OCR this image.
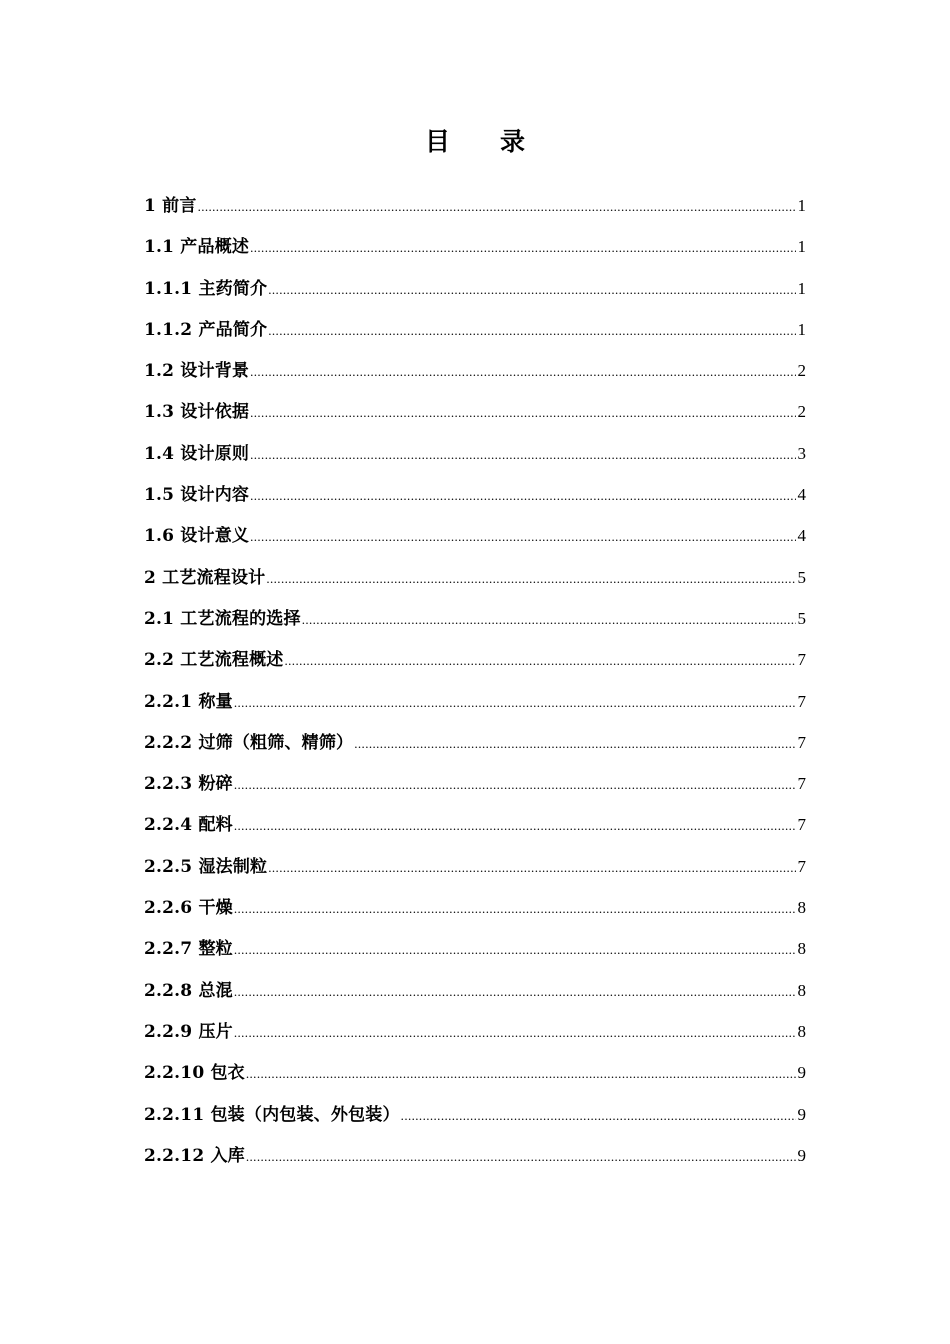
目　　录
1 前言 .....	1
1.1 产品概述 .....	1
1.1.1 主药简介 .....	1
1.1.2 产品简介 .....	1
1.2 设计背景 .....	2
1.3 设计依据 .....	2
1.4 设计原则 .....	3
1.5 设计内容 .....	4
1.6 设计意义 .....	4
2 工艺流程设计 .....	5
2.1 工艺流程的选择 .....	5
2.2 工艺流程概述 .....	7
2.2.1 称量 .....	7
2.2.2 过筛（粗筛、精筛） .....	7
2.2.3 粉碎 .....	7
2.2.4 配料 .....	7
2.2.5 湿法制粒 .....	7
2.2.6 干燥 .....	8
2.2.7 整粒 .....	8
2.2.8 总混 .....	8
2.2.9 压片 .....	8
2.2.10 包衣 .....	9
2.2.11 包装（内包装、外包装） .....	9
2.2.12 入库 .....	9
